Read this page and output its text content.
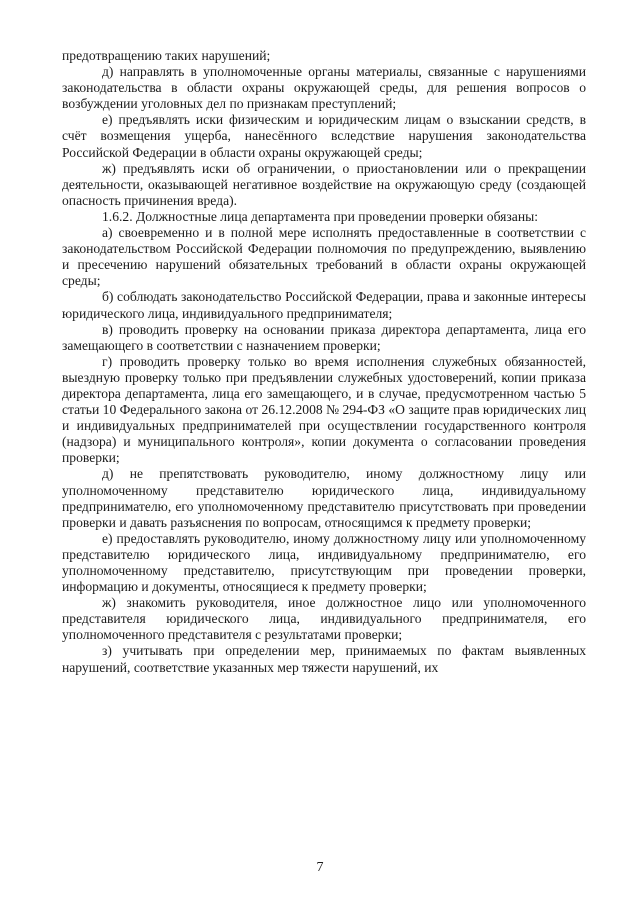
предотвращению таких нарушений;

д) направлять в уполномоченные органы материалы, связанные с нарушениями законодательства в области охраны окружающей среды, для решения вопросов о возбуждении уголовных дел по признакам преступлений;

е) предъявлять иски физическим и юридическим лицам о взыскании средств, в счёт возмещения ущерба, нанесённого вследствие нарушения законодательства Российской Федерации в области охраны окружающей среды;

ж) предъявлять иски об ограничении, о приостановлении или о прекращении деятельности, оказывающей негативное воздействие на окружающую среду (создающей опасность причинения вреда).

1.6.2. Должностные лица департамента при проведении проверки обязаны:

а) своевременно и в полной мере исполнять предоставленные в соответствии с законодательством Российской Федерации полномочия по предупреждению, выявлению и пресечению нарушений обязательных требований в области охраны окружающей среды;

б) соблюдать законодательство Российской Федерации, права и законные интересы юридического лица, индивидуального предпринимателя;

в) проводить проверку на основании приказа директора департамента, лица его замещающего в соответствии с назначением проверки;

г) проводить проверку только во время исполнения служебных обязанностей, выездную проверку только при предъявлении служебных удостоверений, копии приказа директора департамента, лица его замещающего, и в случае, предусмотренном частью 5 статьи 10 Федерального закона от 26.12.2008 № 294-ФЗ «О защите прав юридических лиц и индивидуальных предпринимателей при осуществлении государственного контроля (надзора) и муниципального контроля», копии документа о согласовании проведения проверки;

д) не препятствовать руководителю, иному должностному лицу или уполномоченному представителю юридического лица, индивидуальному предпринимателю, его уполномоченному представителю присутствовать при проведении проверки и давать разъяснения по вопросам, относящимся к предмету проверки;

е) предоставлять руководителю, иному должностному лицу или уполномоченному представителю юридического лица, индивидуальному предпринимателю, его уполномоченному представителю, присутствующим при проведении проверки, информацию и документы, относящиеся к предмету проверки;

ж) знакомить руководителя, иное должностное лицо или уполномоченного представителя юридического лица, индивидуального предпринимателя, его уполномоченного представителя с результатами проверки;

з) учитывать при определении мер, принимаемых по фактам выявленных нарушений, соответствие указанных мер тяжести нарушений, их

7
